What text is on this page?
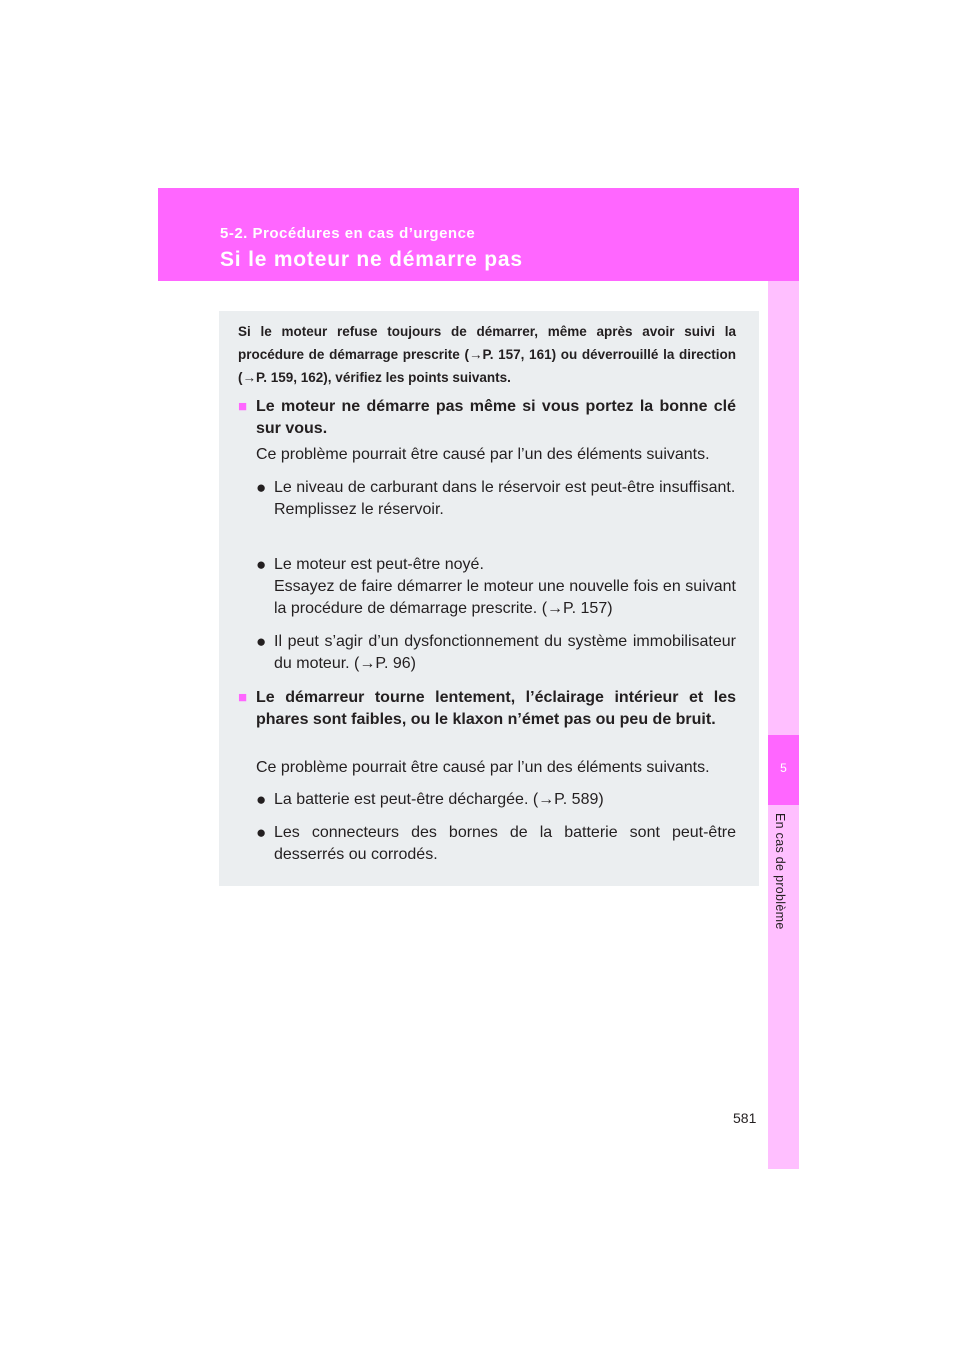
5-2. Procédures en cas d’urgence
Si le moteur ne démarre pas
5
En cas de problème
Si le moteur refuse toujours de démarrer, même après avoir suivi la procédure de démarrage prescrite (→P. 157, 161) ou déverrouillé la direction (→P. 159, 162), vérifiez les points suivants.
■ Le moteur ne démarre pas même si vous portez la bonne clé sur vous.
Ce problème pourrait être causé par l’un des éléments suivants.
● Le niveau de carburant dans le réservoir est peut-être insuffisant.
Remplissez le réservoir.
● Le moteur est peut-être noyé.
Essayez de faire démarrer le moteur une nouvelle fois en suivant la procédure de démarrage prescrite. (→P. 157)
● Il peut s’agir d’un dysfonctionnement du système immobilisateur du moteur. (→P. 96)
■ Le démarreur tourne lentement, l’éclairage intérieur et les phares sont faibles, ou le klaxon n’émet pas ou peu de bruit.
Ce problème pourrait être causé par l’un des éléments suivants.
● La batterie est peut-être déchargée. (→P. 589)
● Les connecteurs des bornes de la batterie sont peut-être desserrés ou corrodés.
581
